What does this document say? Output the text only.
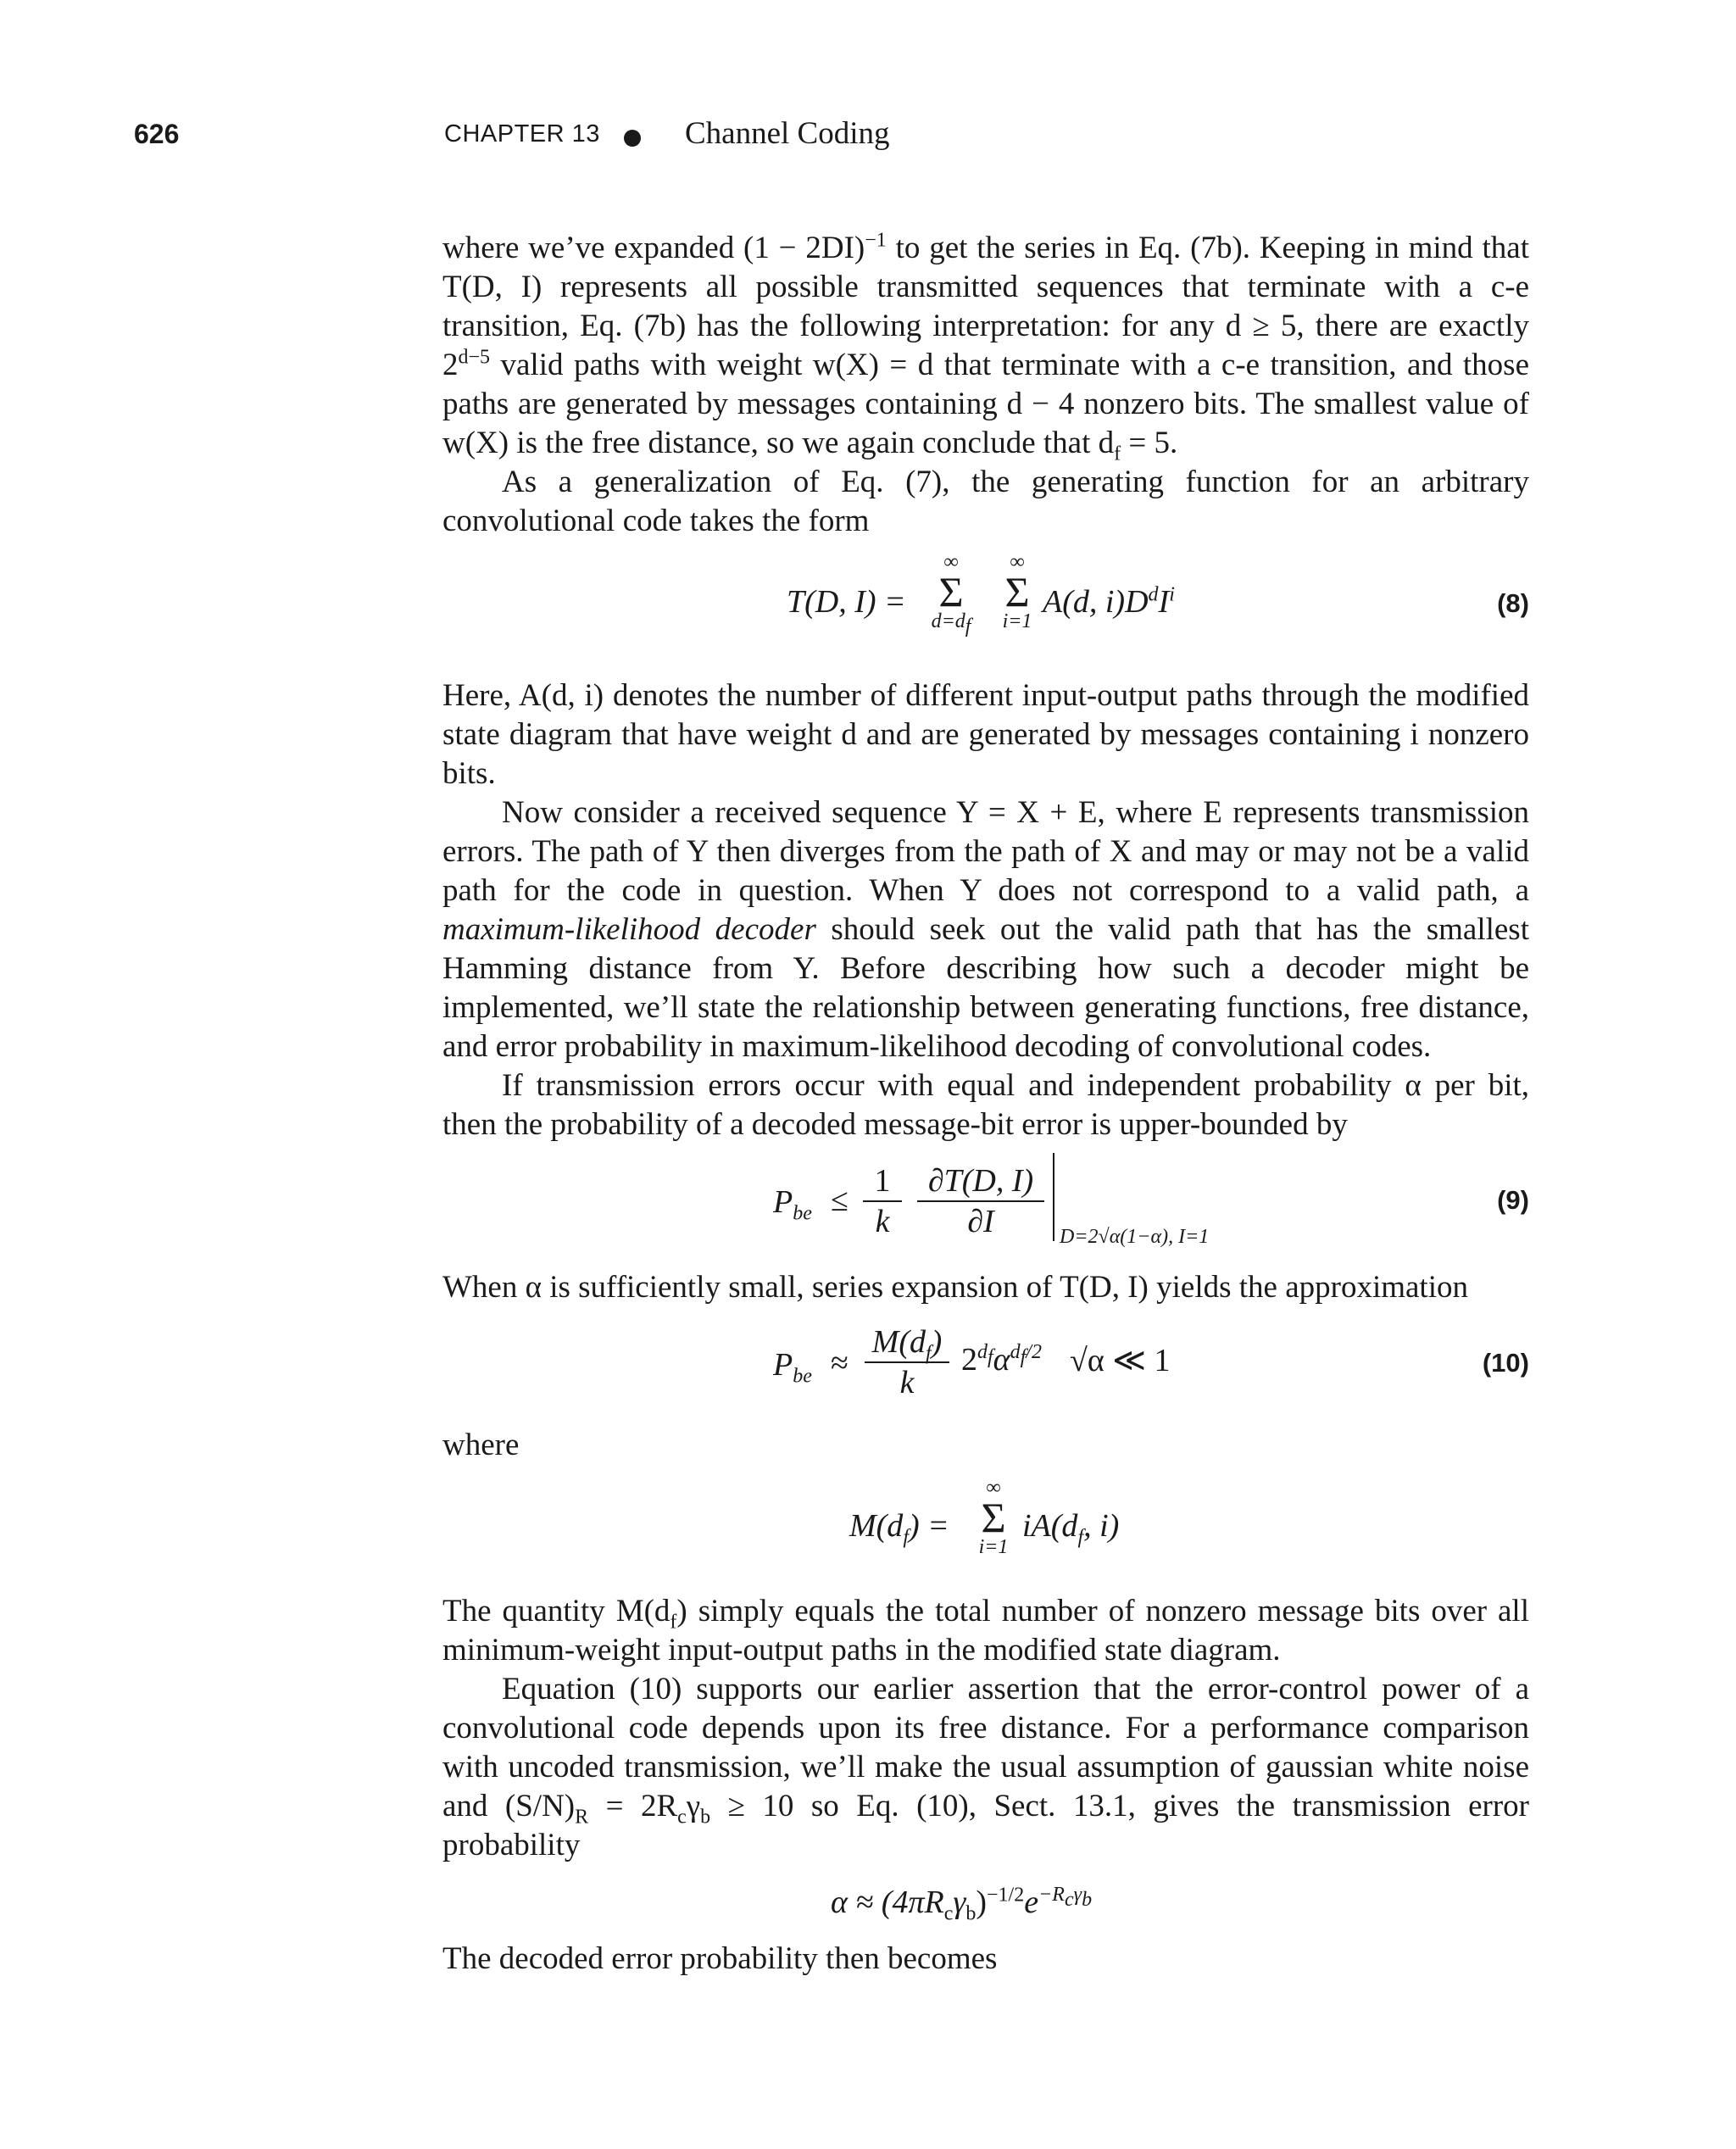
626	CHAPTER 13	Channel Coding

where we’ve expanded $(1 - 2DI)^{-1}$ to get the series in Eq. (7b). Keeping in mind that T(D, I) represents all possible transmitted sequences that terminate with a c-e transition, Eq. (7b) has the following interpretation: for any d ≥ 5, there are exactly $2^{d-5}$ valid paths with weight w(X) = d that terminate with a c-e transition, and those paths are generated by messages containing d − 4 nonzero bits. The smallest value of w(X) is the free distance, so we again conclude that $d_f = 5$.

As a generalization of Eq. (7), the generating function for an arbitrary convolutional code takes the form

T(D, I) =
∞
Σ
$d=d_f$
∞
Σ
i=1
A(d, $i)D^dI^i$	(8)

Here, A(d, i) denotes the number of different input-output paths through the modified state diagram that have weight d and are generated by messages containing i nonzero bits.

Now consider a received sequence Y = X + E, where E represents transmission errors. The path of Y then diverges from the path of X and may or may not be a valid path for the code in question. When Y does not correspond to a valid path, a maximum-likelihood decoder should seek out the valid path that has the smallest Hamming distance from Y. Before describing how such a decoder might be implemented, we’ll state the relationship between generating functions, free distance, and error probability in maximum-likelihood decoding of convolutional codes.

If transmission errors occur with equal and independent probability α per bit, then the probability of a decoded message-bit error is upper-bounded by

$P_{be} \le \frac{1}{k} \frac{\partial T(D, I)}{\partial I} D=2√\alpha(1-\alpha)$, I=1
(9)

When α is sufficiently small, series expansion of T(D, I) yields the approximation

$P_{be} \approx \frac{M(d_f)}{k} 2^{d_f}\alpha^{d_f/2}$ √α ≪ 1	(10)

where

$M(d_f)$ =
∞
Σ
i=1
$iA(d_f$, i)

The quantity $M(d_f)$ simply equals the total number of nonzero message bits over all minimum-weight input-output paths in the modified state diagram.

Equation (10) supports our earlier assertion that the error-control power of a convolutional code depends upon its free distance. For a performance comparison with uncoded transmission, we’ll make the usual assumption of gaussian white noise and $(S/N)_R = 2R_c\gamma_b \ge 10$ so Eq. (10), Sect. 13.1, gives the transmission error probability

$\alpha \approx (4\pi R_c\gamma_b)^{-1/2}e^{-R_c\gamma_b}$

The decoded error probability then becomes
